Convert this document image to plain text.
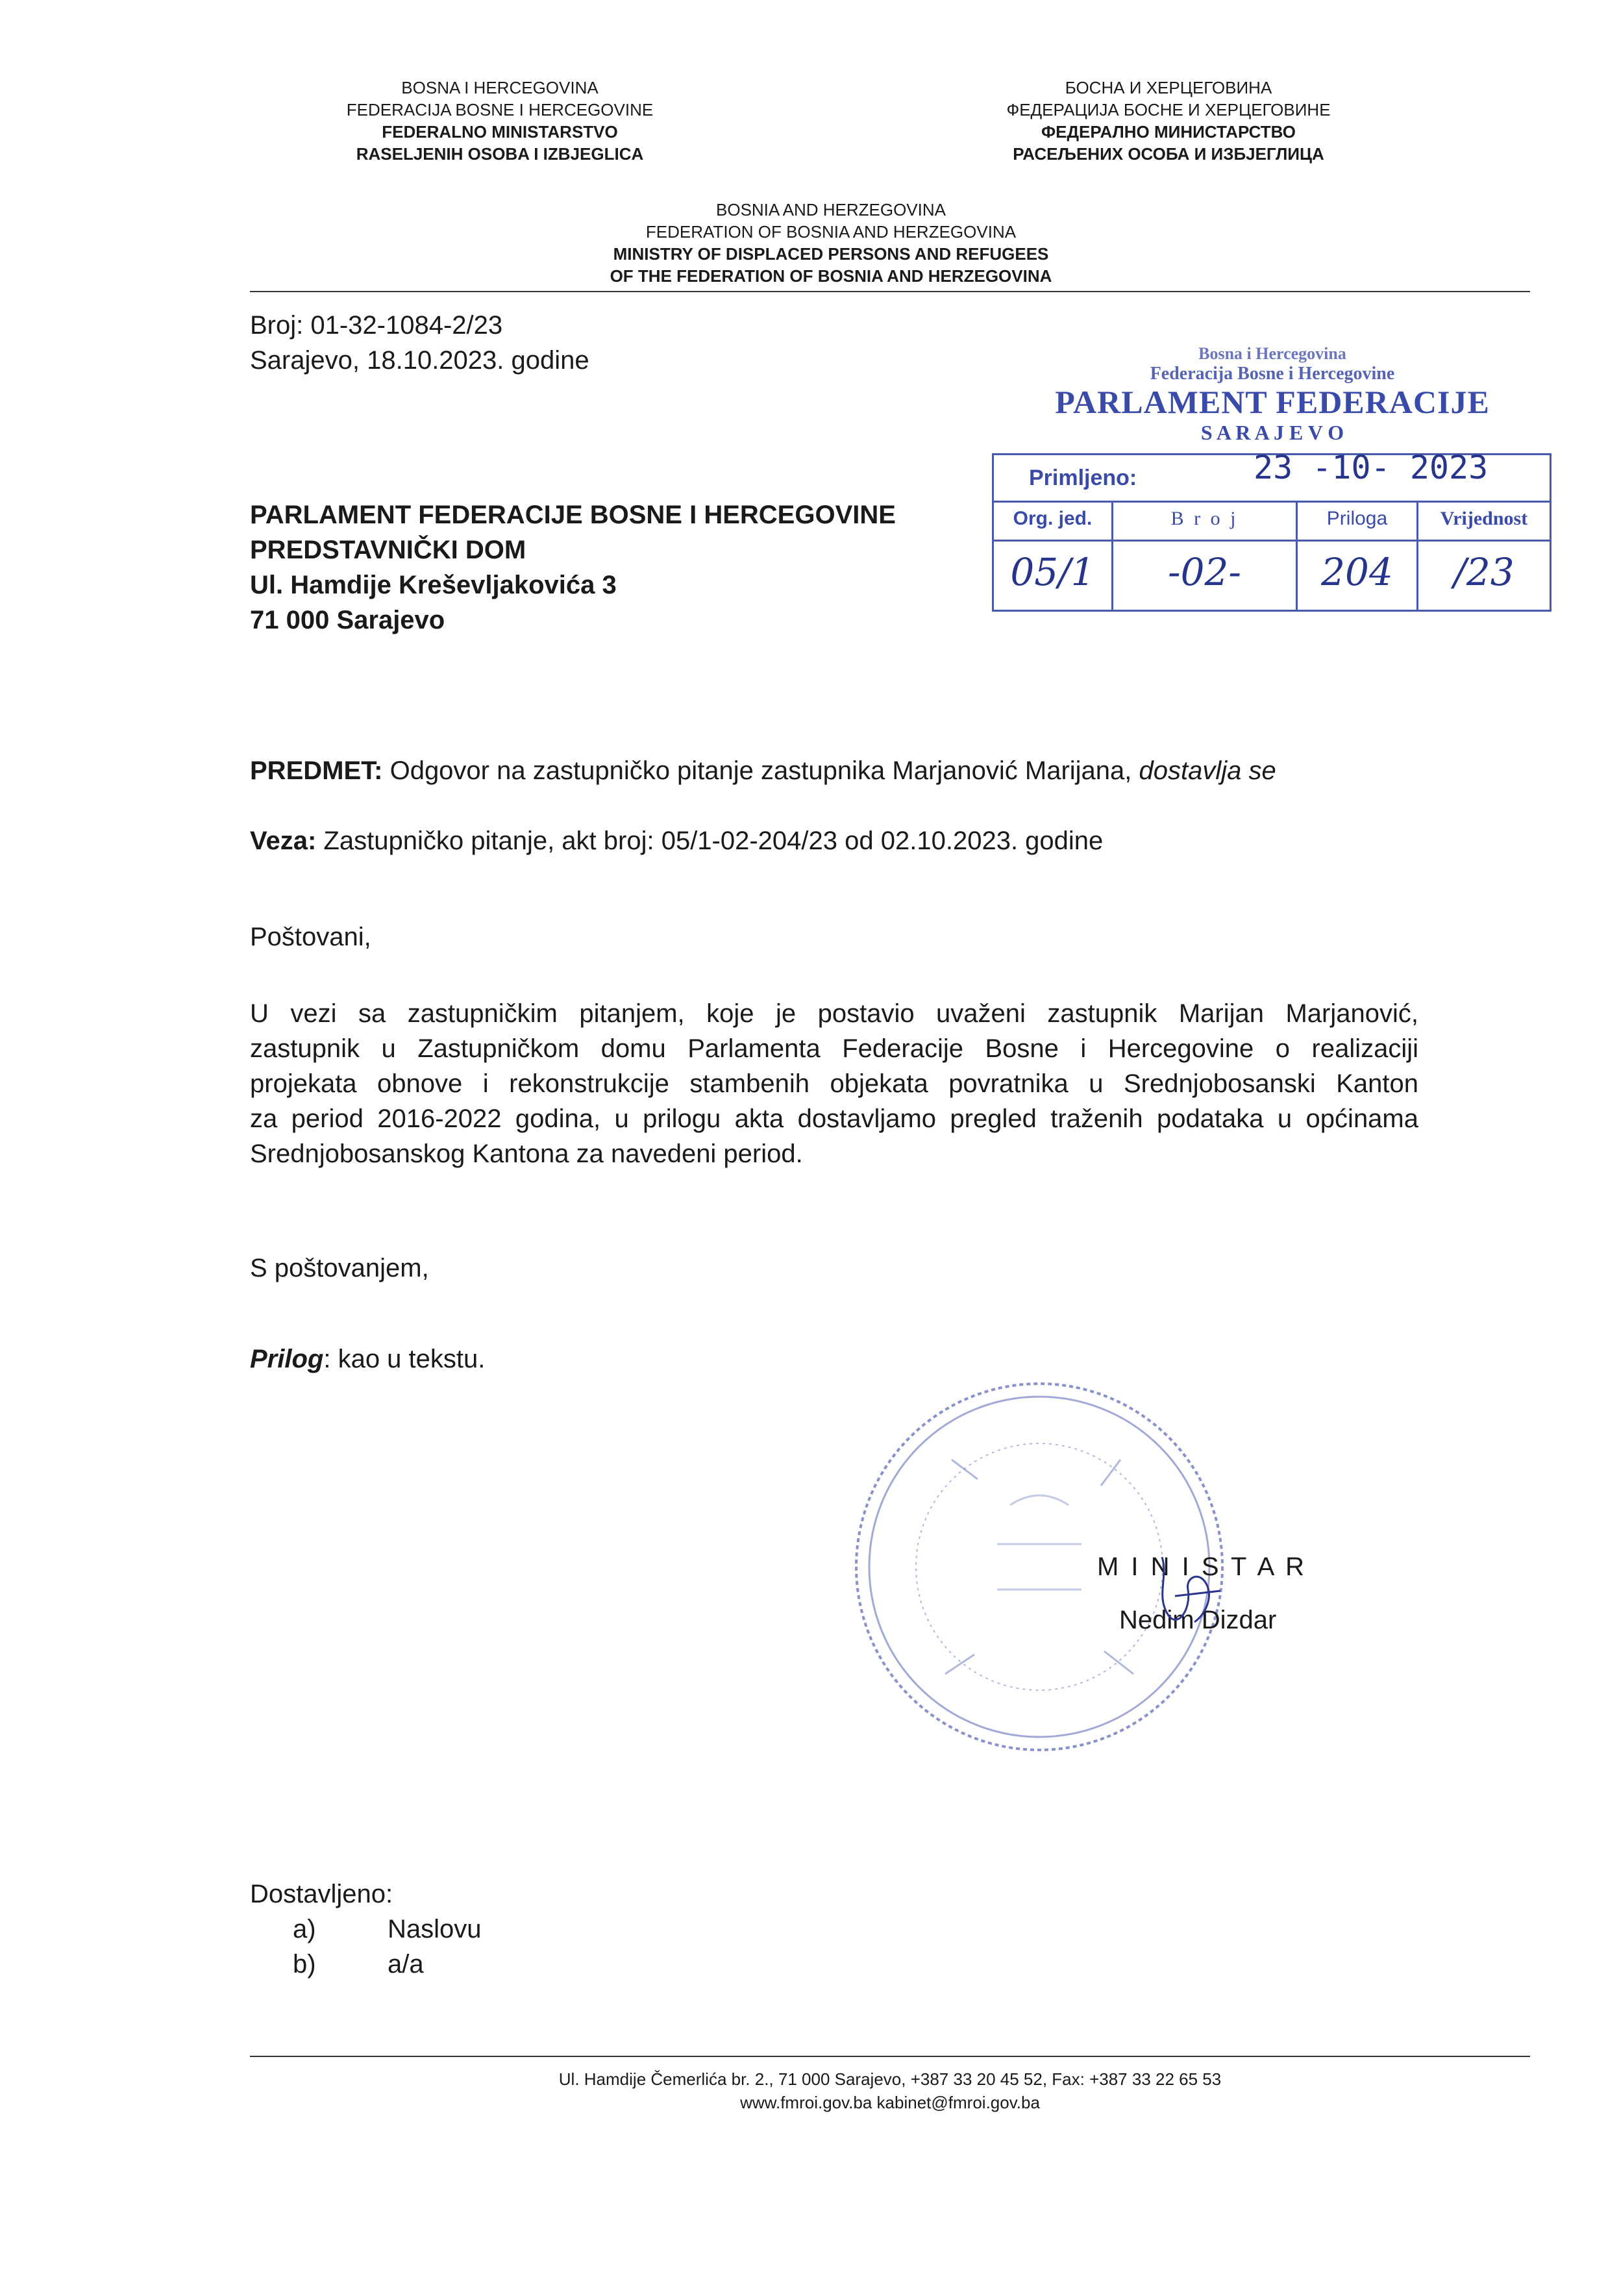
BOSNA I HERCEGOVINA
FEDERACIJA BOSNE I HERCEGOVINE
FEDERALNO MINISTARSTVO
RASELJENIH OSOBA I IZBJEGLICA
БОСНА И ХЕРЦЕГОВИНА
ФЕДЕРАЦИЈА БОСНЕ И ХЕРЦЕГОВИНЕ
ФЕДЕРАЛНО МИНИСТАРСТВО
РАСЕЉЕНИХ ОСОБА И ИЗБЈЕГЛИЦА
BOSNIA AND HERZEGOVINA
FEDERATION OF BOSNIA AND HERZEGOVINA
MINISTRY OF DISPLACED PERSONS AND REFUGEES
OF THE FEDERATION OF BOSNIA AND HERZEGOVINA
Broj: 01-32-1084-2/23
Sarajevo, 18.10.2023. godine	Bosna i Hercegovina
Federacija Bosne i Hercegovine
PARLAMENT FEDERACIJE
S A R A J E V O
Primljeno:	23 -10- 2023
Org. jed.	B r o j	Priloga	Vrijednost
05/1	-02-	204	/23
PARLAMENT FEDERACIJE BOSNE I HERCEGOVINE
PREDSTAVNIČKI DOM
Ul. Hamdije Kreševljakovića 3
71 000 Sarajevo
PREDMET: Odgovor na zastupničko pitanje zastupnika Marjanović Marijana, dostavlja se
Veza: Zastupničko pitanje, akt broj: 05/1-02-204/23 od 02.10.2023. godine
Poštovani,
U vezi sa zastupničkim pitanjem, koje je postavio uvaženi zastupnik Marijan Marjanović,
zastupnik u Zastupničkom domu Parlamenta Federacije Bosne i Hercegovine o realizaciji
projekata obnove i rekonstrukcije stambenih objekata povratnika u Srednjobosanski Kanton
za period 2016-2022 godina, u prilogu akta dostavljamo pregled traženih podataka u općinama
Srednjobosanskog Kantona za navedeni period.
S poštovanjem,
Prilog: kao u tekstu.
M I N I S T A R
Nedim Dizdar
Dostavljeno:
a)	Naslovu
b)	a/a
Ul. Hamdije Čemerlića br. 2., 71 000 Sarajevo, +387 33 20 45 52, Fax: +387 33 22 65 53
www.fmroi.gov.ba kabinet@fmroi.gov.ba
